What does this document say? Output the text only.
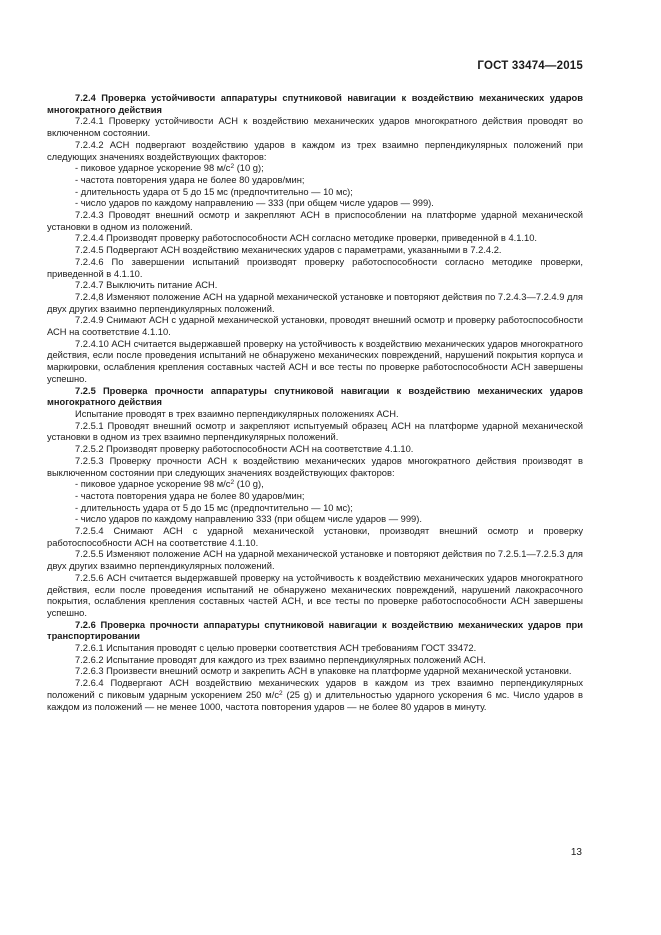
ГОСТ 33474—2015

7.2.4 Проверка устойчивости аппаратуры спутниковой навигации к воздействию механических ударов многократного действия

7.2.4.1 Проверку устойчивости АСН к воздействию механических ударов многократного действия проводят во включенном состоянии.

7.2.4.2 АСН подвергают воздействию ударов в каждом из трех взаимно перпендикулярных положений при следующих значениях воздействующих факторов:

- пиковое ударное ускорение 98 $м/с^2$ (10 g);

- частота повторения удара не более 80 ударов/мин;

- длительность удара от 5 до 15 мс (предпочтительно — 10 мс);

- число ударов по каждому направлению — 333 (при общем числе ударов — 999).

7.2.4.3 Проводят внешний осмотр и закрепляют АСН в приспособлении на платформе ударной механической установки в одном из положений.

7.2.4.4 Производят проверку работоспособности АСН согласно методике проверки, приведенной в 4.1.10.

7.2.4.5 Подвергают АСН воздействию механических ударов с параметрами, указанными в 7.2.4.2.

7.2.4.6 По завершении испытаний производят проверку работоспособности согласно методике проверки, приведенной в 4.1.10.

7.2.4.7 Выключить питание АСН.

7.2.4,8 Изменяют положение АСН на ударной механической установке и повторяют действия по 7.2.4.3—7.2.4.9 для двух других взаимно перпендикулярных положений.

7.2.4.9 Снимают АСН с ударной механической установки, проводят внешний осмотр и проверку работоспособности АСН на соответствие 4.1.10.

7.2.4.10 АСН считается выдержавшей проверку на устойчивость к воздействию механических ударов многократного действия, если после проведения испытаний не обнаружено механических повреждений, нарушений покрытия корпуса и маркировки, ослабления крепления составных частей АСН и все тесты по проверке работоспособности АСН завершены успешно.

7.2.5 Проверка прочности аппаратуры спутниковой навигации к воздействию механических ударов многократного действия

Испытание проводят в трех взаимно перпендикулярных положениях АСН.

7.2.5.1 Проводят внешний осмотр и закрепляют испытуемый образец АСН на платформе ударной механической установки в одном из трех взаимно перпендикулярных положений.

7.2.5.2 Производят проверку работоспособности АСН на соответствие 4.1.10.

7.2.5.3 Проверку прочности АСН к воздействию механических ударов многократного действия производят в выключенном состоянии при следующих значениях воздействующих факторов:

- пиковое ударное ускорение 98 $м/с^2$ (10 g),

- частота повторения удара не более 80 ударов/мин;

- длительность удара от 5 до 15 мс (предпочтительно — 10 мс);

- число ударов по каждому направлению 333 (при общем числе ударов — 999).

7.2.5.4 Снимают АСН с ударной механической установки, производят внешний осмотр и проверку работоспособности АСН на соответствие 4.1.10.

7.2.5.5 Изменяют положение АСН на ударной механической установке и повторяют действия по 7.2.5.1—7.2.5.3 для двух других взаимно перпендикулярных положений.

7.2.5.6 АСН считается выдержавшей проверку на устойчивость к воздействию механических ударов многократного действия, если после проведения испытаний не обнаружено механических повреждений, нарушений лакокрасочного покрытия, ослабления крепления составных частей АСН, и все тесты по проверке работоспособности АСН завершены успешно.

7.2.6 Проверка прочности аппаратуры спутниковой навигации к воздействию механических ударов при транспортировании

7.2.6.1 Испытания проводят с целью проверки соответствия АСН требованиям ГОСТ 33472.

7.2.6.2 Испытание проводят для каждого из трех взаимно перпендикулярных положений АСН.

7.2.6.3 Произвести внешний осмотр и закрепить АСН в упаковке на платформе ударной механической установки.

7.2.6.4 Подвергают АСН воздействию механических ударов в каждом из трех взаимно перпендикулярных положений с пиковым ударным ускорением 250 $м/с^2$ (25 g) и длительностью ударного ускорения 6 мс. Число ударов в каждом из положений — не менее 1000, частота повторения ударов — не более 80 ударов в минуту.

13
